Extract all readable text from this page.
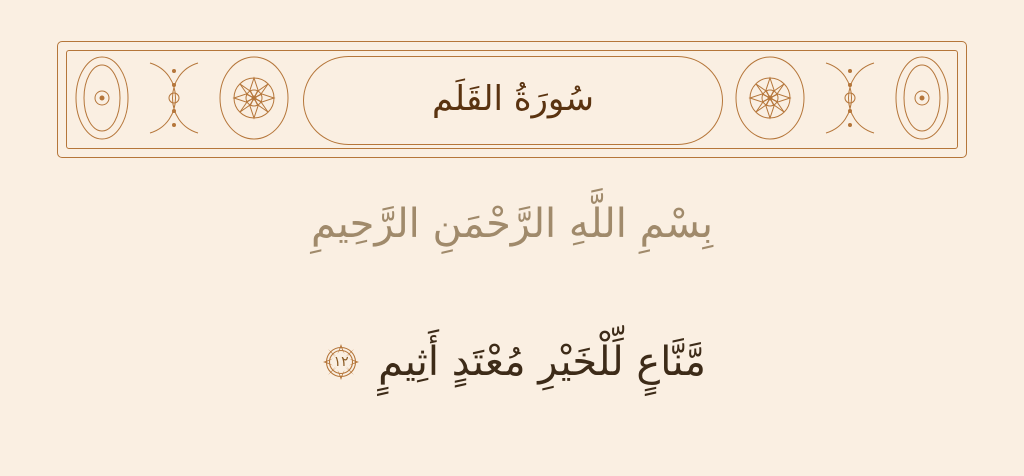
سُورَةُ القَلَم
بِسْمِ اللَّهِ الرَّحْمَنِ الرَّحِيمِ
مَّنَّاعٍ لِّلْخَيْرِ مُعْتَدٍ أَثِيمٍ
١٢
